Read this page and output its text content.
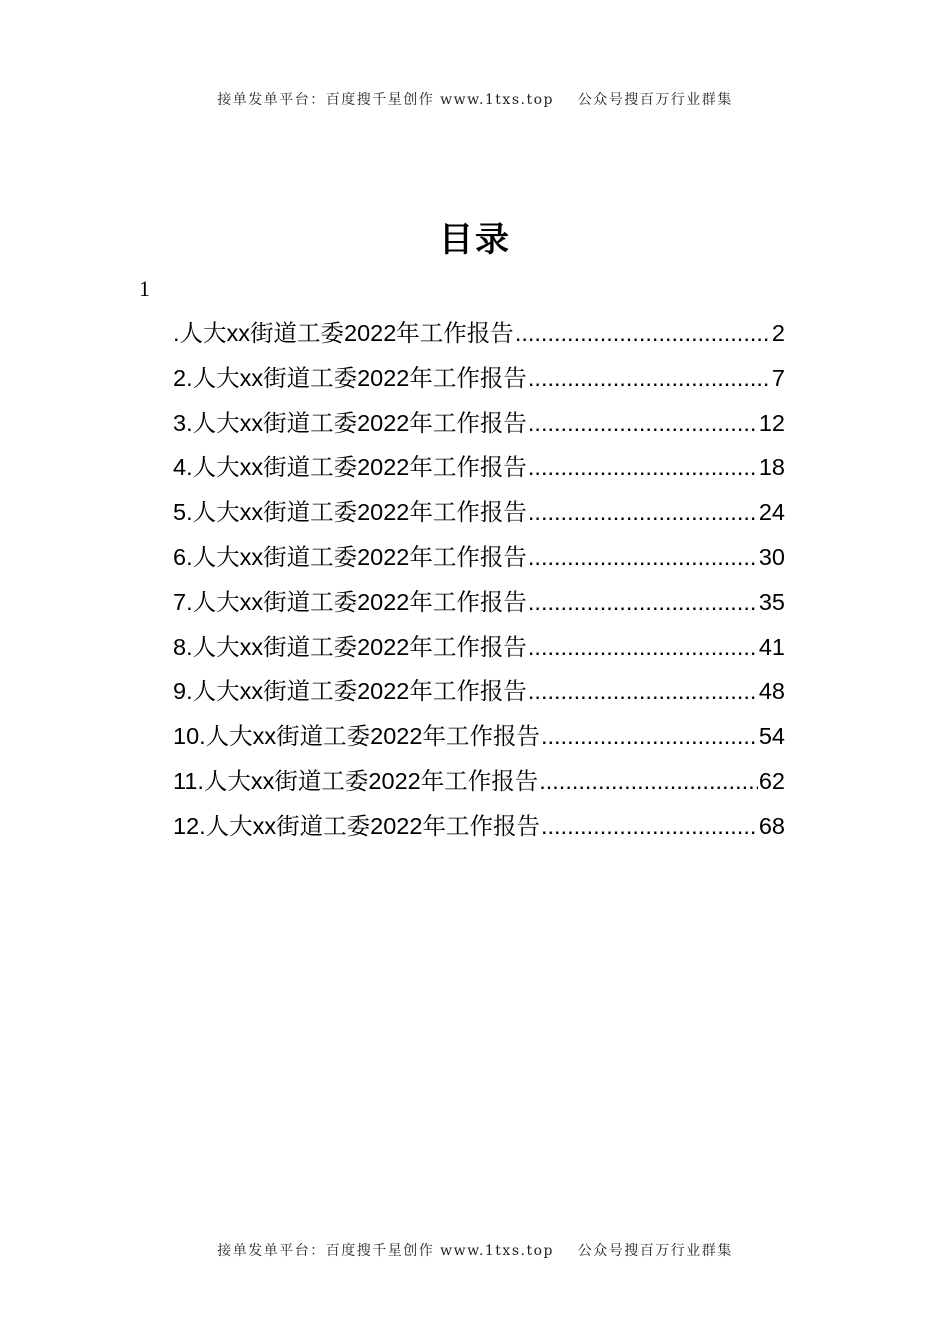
接单发单平台：百度搜千星创作 www.1txs.top    公众号搜百万行业群集
目录
1
.人大xx街道工委2022年工作报告 .....	2
2.人大xx街道工委2022年工作报告 .....	7
3.人大xx街道工委2022年工作报告 .....	12
4.人大xx街道工委2022年工作报告 .....	18
5.人大xx街道工委2022年工作报告 .....	24
6.人大xx街道工委2022年工作报告 .....	30
7.人大xx街道工委2022年工作报告 .....	35
8.人大xx街道工委2022年工作报告 .....	41
9.人大xx街道工委2022年工作报告 .....	48
10.人大xx街道工委2022年工作报告 .....	54
11.人大xx街道工委2022年工作报告 .....	62
12.人大xx街道工委2022年工作报告 .....	68
接单发单平台：百度搜千星创作 www.1txs.top    公众号搜百万行业群集
